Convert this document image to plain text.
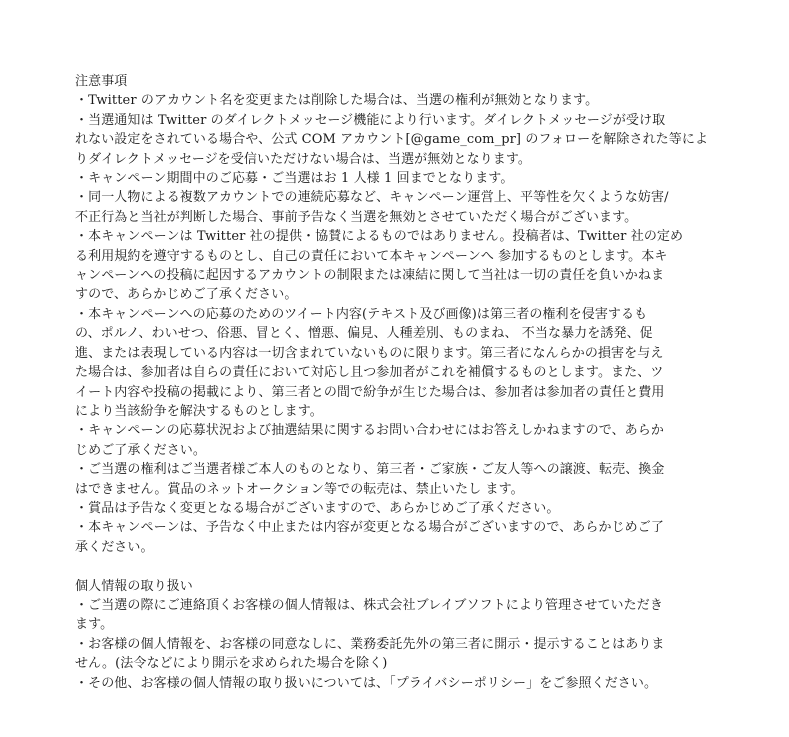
注意事項

・Twitter のアカウント名を変更または削除した場合は、当選の権利が無効となります。

・当選通知は Twitter のダイレクトメッセージ機能により行います。ダイレクトメッセージが受け取
れない設定をされている場合や、公式 COM アカウント[@game_com_pr] のフォローを解除された等によ
りダイレクトメッセージを受信いただけない場合は、当選が無効となります。

・キャンペーン期間中のご応募・ご当選はお 1 人様 1 回までとなります。

・同一人物による複数アカウントでの連続応募など、キャンペーン運営上、平等性を欠くような妨害/
不正行為と当社が判断した場合、事前予告なく当選を無効とさせていただく場合がございます。

・本キャンペーンは Twitter 社の提供・協賛によるものではありません。投稿者は、Twitter 社の定め
る利用規約を遵守するものとし、自己の責任において本キャンペーンへ 参加するものとします。本キ
ャンペーンへの投稿に起因するアカウントの制限または凍結に関して当社は一切の責任を負いかねま
すので、あらかじめご了承ください。

・本キャンペーンへの応募のためのツイート内容(テキスト及び画像)は第三者の権利を侵害するも
の、ポルノ、わいせつ、俗悪、冒とく、憎悪、偏見、人種差別、ものまね、 不当な暴力を誘発、促
進、または表現している内容は一切含まれていないものに限ります。第三者になんらかの損害を与え
た場合は、参加者は自らの責任において対応し且つ参加者がこれを補償するものとします。また、ツ
イート内容や投稿の掲載により、第三者との間で紛争が生じた場合は、参加者は参加者の責任と費用
により当該紛争を解決するものとします。

・キャンペーンの応募状況および抽選結果に関するお問い合わせにはお答えしかねますので、あらか
じめご了承ください。

・ご当選の権利はご当選者様ご本人のものとなり、第三者・ご家族・ご友人等への譲渡、転売、換金
はできません。賞品のネットオークション等での転売は、禁止いたし ます。

・賞品は予告なく変更となる場合がございますので、あらかじめご了承ください。

・本キャンペーンは、予告なく中止または内容が変更となる場合がございますので、あらかじめご了
承ください。

個人情報の取り扱い

・ご当選の際にご連絡頂くお客様の個人情報は、株式会社ブレイブソフトにより管理させていただき
ます。

・お客様の個人情報を、お客様の同意なしに、業務委託先外の第三者に開示・提示することはありま
せん。(法令などにより開示を求められた場合を除く)

・その他、お客様の個人情報の取り扱いについては、「プライバシーポリシー」をご参照ください。
